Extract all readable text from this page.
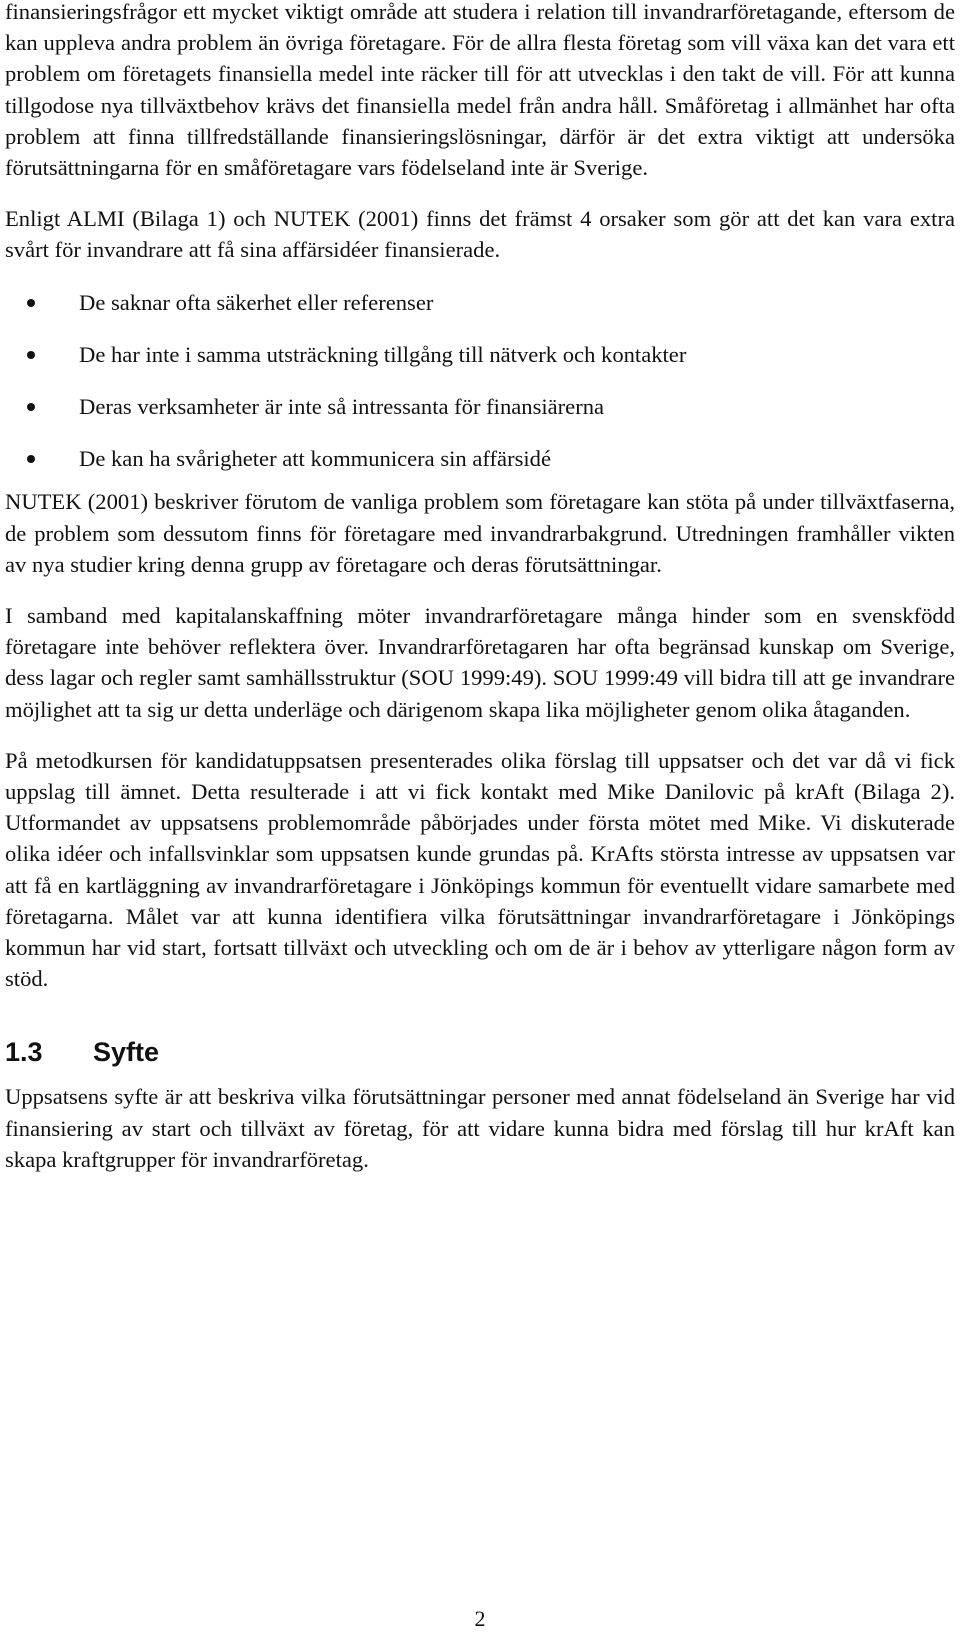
finansieringsfrågor ett mycket viktigt område att studera i relation till invandrarföretagande, eftersom de kan uppleva andra problem än övriga företagare. För de allra flesta företag som vill växa kan det vara ett problem om företagets finansiella medel inte räcker till för att utvecklas i den takt de vill. För att kunna tillgodose nya tillväxtbehov krävs det finansiella medel från andra håll. Småföretag i allmänhet har ofta problem att finna tillfredställande finansieringslösningar, därför är det extra viktigt att undersöka förutsättningarna för en småföretagare vars födelseland inte är Sverige.

Enligt ALMI (Bilaga 1) och NUTEK (2001) finns det främst 4 orsaker som gör att det kan vara extra svårt för invandrare att få sina affärsidéer finansierade.

De saknar ofta säkerhet eller referenser
De har inte i samma utsträckning tillgång till nätverk och kontakter
Deras verksamheter är inte så intressanta för finansiärerna
De kan ha svårigheter att kommunicera sin affärsidé

NUTEK (2001) beskriver förutom de vanliga problem som företagare kan stöta på under tillväxtfaserna, de problem som dessutom finns för företagare med invandrarbakgrund. Utredningen framhåller vikten av nya studier kring denna grupp av företagare och deras förutsättningar.

I samband med kapitalanskaffning möter invandrarföretagare många hinder som en svenskfödd företagare inte behöver reflektera över. Invandrarföretagaren har ofta begränsad kunskap om Sverige, dess lagar och regler samt samhällsstruktur (SOU 1999:49). SOU 1999:49 vill bidra till att ge invandrare möjlighet att ta sig ur detta underläge och därigenom skapa lika möjligheter genom olika åtaganden.

På metodkursen för kandidatuppsatsen presenterades olika förslag till uppsatser och det var då vi fick uppslag till ämnet. Detta resulterade i att vi fick kontakt med Mike Danilovic på krAft (Bilaga 2). Utformandet av uppsatsens problemområde påbörjades under första mötet med Mike. Vi diskuterade olika idéer och infallsvinklar som uppsatsen kunde grundas på. KrAfts största intresse av uppsatsen var att få en kartläggning av invandrarföretagare i Jönköpings kommun för eventuellt vidare samarbete med företagarna. Målet var att kunna identifiera vilka förutsättningar invandrarföretagare i Jönköpings kommun har vid start, fortsatt tillväxt och utveckling och om de är i behov av ytterligare någon form av stöd.

1.3 Syfte

Uppsatsens syfte är att beskriva vilka förutsättningar personer med annat födelseland än Sverige har vid finansiering av start och tillväxt av företag, för att vidare kunna bidra med förslag till hur krAft kan skapa kraftgrupper för invandrarföretag.

2
